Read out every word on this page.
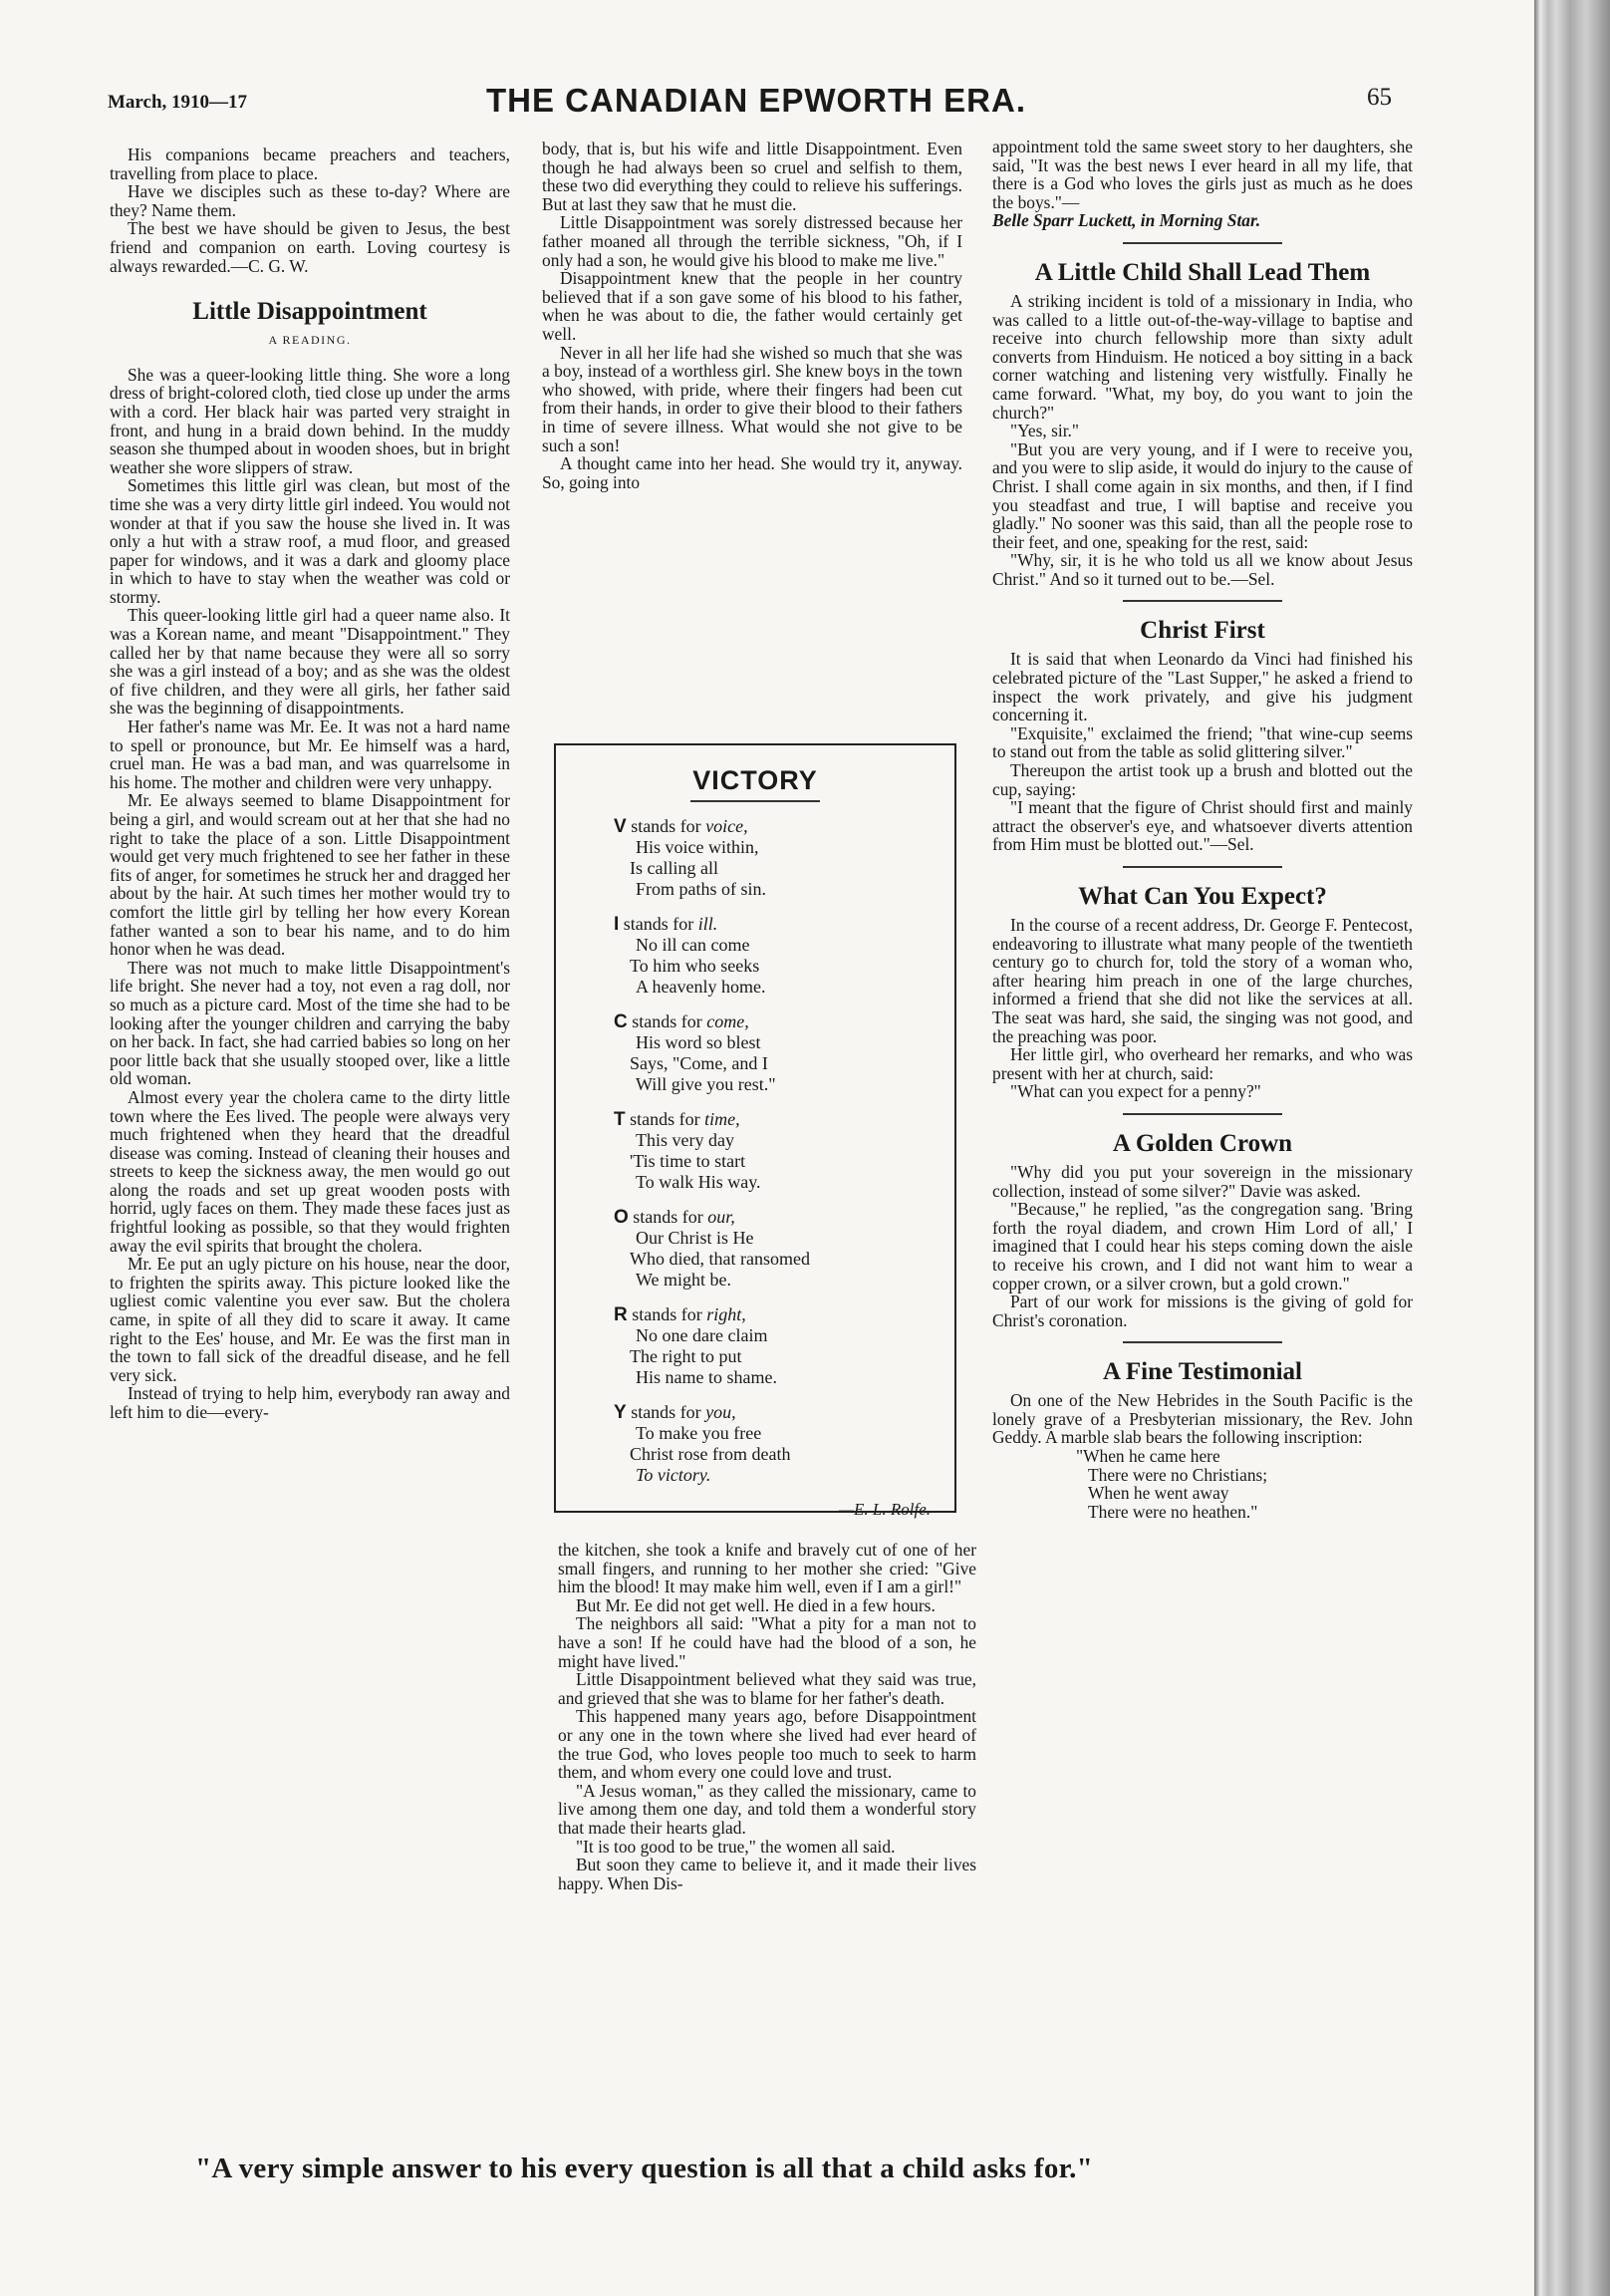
March, 1910—17	THE CANADIAN EPWORTH ERA.	65

His companions became preachers and teachers, travelling from place to place.

Have we disciples such as these to-day? Where are they? Name them.

The best we have should be given to Jesus, the best friend and companion on earth. Loving courtesy is always rewarded.—C. G. W.

Little Disappointment
A READING.

She was a queer-looking little thing. She wore a long dress of bright-colored cloth, tied close up under the arms with a cord. Her black hair was parted very straight in front, and hung in a braid down behind. In the muddy season she thumped about in wooden shoes, but in bright weather she wore slippers of straw.

Sometimes this little girl was clean, but most of the time she was a very dirty little girl indeed. You would not wonder at that if you saw the house she lived in. It was only a hut with a straw roof, a mud floor, and greased paper for windows, and it was a dark and gloomy place in which to have to stay when the weather was cold or stormy.

This queer-looking little girl had a queer name also. It was a Korean name, and meant "Disappointment." They called her by that name because they were all so sorry she was a girl instead of a boy; and as she was the oldest of five children, and they were all girls, her father said she was the beginning of disappointments.

Her father's name was Mr. Ee. It was not a hard name to spell or pronounce, but Mr. Ee himself was a hard, cruel man. He was a bad man, and was quarrelsome in his home. The mother and children were very unhappy.

Mr. Ee always seemed to blame Disappointment for being a girl, and would scream out at her that she had no right to take the place of a son. Little Disappointment would get very much frightened to see her father in these fits of anger, for sometimes he struck her and dragged her about by the hair. At such times her mother would try to comfort the little girl by telling her how every Korean father wanted a son to bear his name, and to do him honor when he was dead.

There was not much to make little Disappointment's life bright. She never had a toy, not even a rag doll, nor so much as a picture card. Most of the time she had to be looking after the younger children and carrying the baby on her back. In fact, she had carried babies so long on her poor little back that she usually stooped over, like a little old woman.

Almost every year the cholera came to the dirty little town where the Ees lived. The people were always very much frightened when they heard that the dreadful disease was coming. Instead of cleaning their houses and streets to keep the sickness away, the men would go out along the roads and set up great wooden posts with horrid, ugly faces on them. They made these faces just as frightful looking as possible, so that they would frighten away the evil spirits that brought the cholera.

Mr. Ee put an ugly picture on his house, near the door, to frighten the spirits away. This picture looked like the ugliest comic valentine you ever saw. But the cholera came, in spite of all they did to scare it away. It came right to the Ees' house, and Mr. Ee was the first man in the town to fall sick of the dreadful disease, and he fell very sick.

Instead of trying to help him, everybody ran away and left him to die—every-

body, that is, but his wife and little Disappointment. Even though he had always been so cruel and selfish to them, these two did everything they could to relieve his sufferings. But at last they saw that he must die.

Little Disappointment was sorely distressed because her father moaned all through the terrible sickness, "Oh, if I only had a son, he would give his blood to make me live."

Disappointment knew that the people in her country believed that if a son gave some of his blood to his father, when he was about to die, the father would certainly get well.

Never in all her life had she wished so much that she was a boy, instead of a worthless girl. She knew boys in the town who showed, with pride, where their fingers had been cut from their hands, in order to give their blood to their fathers in time of severe illness. What would she not give to be such a son!

A thought came into her head. She would try it, anyway. So, going into

VICTORY
V stands for voice,
His voice within,
Is calling all
From paths of sin.
I stands for ill.
No ill can come
To him who seeks
A heavenly home.
C stands for come,
His word so blest
Says, "Come, and I
Will give you rest."
T stands for time,
This very day
'Tis time to start
To walk His way.
O stands for our,
Our Christ is He
Who died, that ransomed
We might be.
R stands for right,
No one dare claim
The right to put
His name to shame.
Y stands for you,
To make you free
Christ rose from death
To victory.
—E. L. Rolfe.

the kitchen, she took a knife and bravely cut of one of her small fingers, and running to her mother she cried: "Give him the blood! It may make him well, even if I am a girl!"

But Mr. Ee did not get well. He died in a few hours.

The neighbors all said: "What a pity for a man not to have a son! If he could have had the blood of a son, he might have lived."

Little Disappointment believed what they said was true, and grieved that she was to blame for her father's death.

This happened many years ago, before Disappointment or any one in the town where she lived had ever heard of the true God, who loves people too much to seek to harm them, and whom every one could love and trust.

"A Jesus woman," as they called the missionary, came to live among them one day, and told them a wonderful story that made their hearts glad.

"It is too good to be true," the women all said.

But soon they came to believe it, and it made their lives happy. When Dis-

appointment told the same sweet story to her daughters, she said, "It was the best news I ever heard in all my life, that there is a God who loves the girls just as much as he does the boys."—

Belle Sparr Luckett, in Morning Star.

A Little Child Shall Lead Them

A striking incident is told of a missionary in India, who was called to a little out-of-the-way-village to baptise and receive into church fellowship more than sixty adult converts from Hinduism. He noticed a boy sitting in a back corner watching and listening very wistfully. Finally he came forward. "What, my boy, do you want to join the church?"

"Yes, sir."

"But you are very young, and if I were to receive you, and you were to slip aside, it would do injury to the cause of Christ. I shall come again in six months, and then, if I find you steadfast and true, I will baptise and receive you gladly." No sooner was this said, than all the people rose to their feet, and one, speaking for the rest, said:

"Why, sir, it is he who told us all we know about Jesus Christ." And so it turned out to be.—Sel.

Christ First

It is said that when Leonardo da Vinci had finished his celebrated picture of the "Last Supper," he asked a friend to inspect the work privately, and give his judgment concerning it.

"Exquisite," exclaimed the friend; "that wine-cup seems to stand out from the table as solid glittering silver."

Thereupon the artist took up a brush and blotted out the cup, saying:

"I meant that the figure of Christ should first and mainly attract the observer's eye, and whatsoever diverts attention from Him must be blotted out."—Sel.

What Can You Expect?

In the course of a recent address, Dr. George F. Pentecost, endeavoring to illustrate what many people of the twentieth century go to church for, told the story of a woman who, after hearing him preach in one of the large churches, informed a friend that she did not like the services at all. The seat was hard, she said, the singing was not good, and the preaching was poor.

Her little girl, who overheard her remarks, and who was present with her at church, said:

"What can you expect for a penny?"

A Golden Crown

"Why did you put your sovereign in the missionary collection, instead of some silver?" Davie was asked.

"Because," he replied, "as the congregation sang. 'Bring forth the royal diadem, and crown Him Lord of all,' I imagined that I could hear his steps coming down the aisle to receive his crown, and I did not want him to wear a copper crown, or a silver crown, but a gold crown."

Part of our work for missions is the giving of gold for Christ's coronation.

A Fine Testimonial

On one of the New Hebrides in the South Pacific is the lonely grave of a Presbyterian missionary, the Rev. John Geddy. A marble slab bears the following inscription:

"When he came here

There were no Christians;

When he went away

There were no heathen."

"A very simple answer to his every question is all that a child asks for."
